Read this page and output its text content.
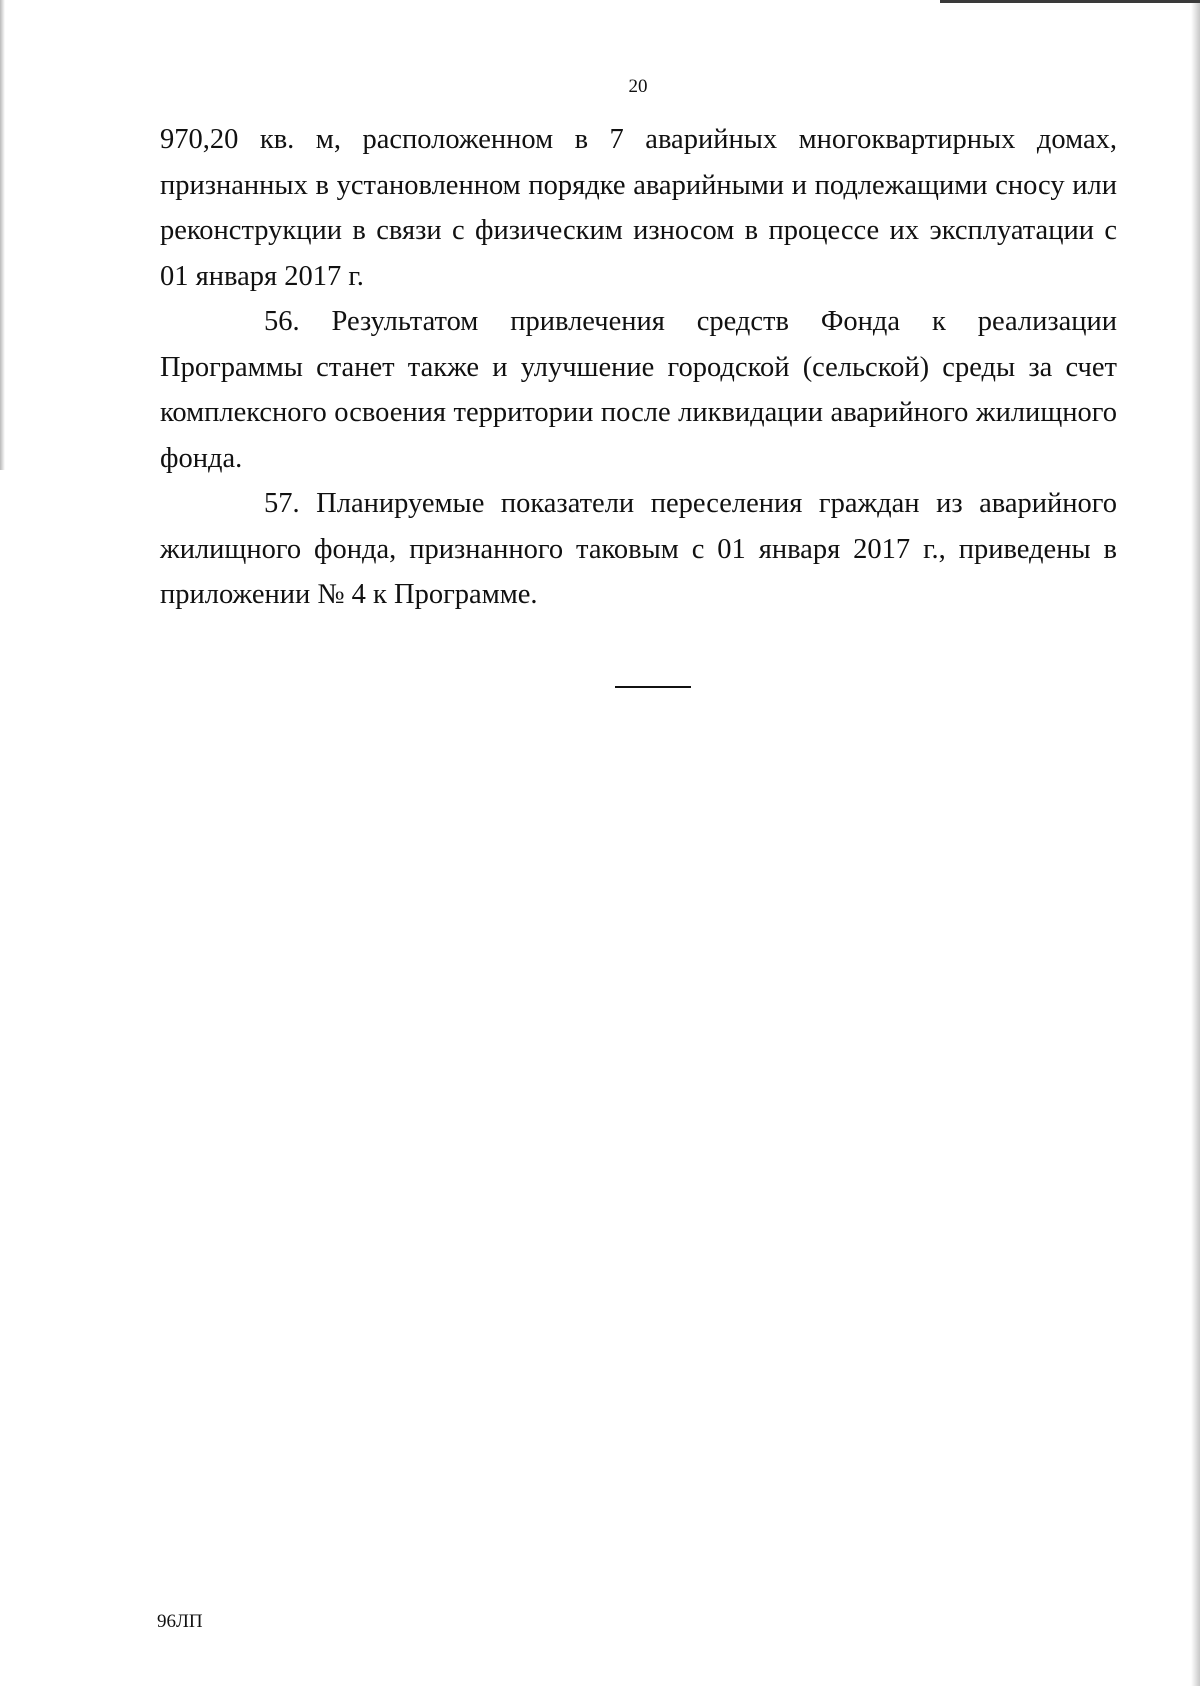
20

970,20 кв. м, расположенном в 7 аварийных многоквартирных домах, признанных в установленном порядке аварийными и подлежащими сносу или реконструкции в связи с физическим износом в процессе их эксплуатации с 01 января 2017 г.

56. Результатом привлечения средств Фонда к реализации Программы станет также и улучшение городской (сельской) среды за счет комплексного освоения территории после ликвидации аварийного жилищного фонда.

57. Планируемые показатели переселения граждан из аварийного жилищного фонда, признанного таковым с 01 января 2017 г., приведены в приложении № 4 к Программе.

96ЛП
